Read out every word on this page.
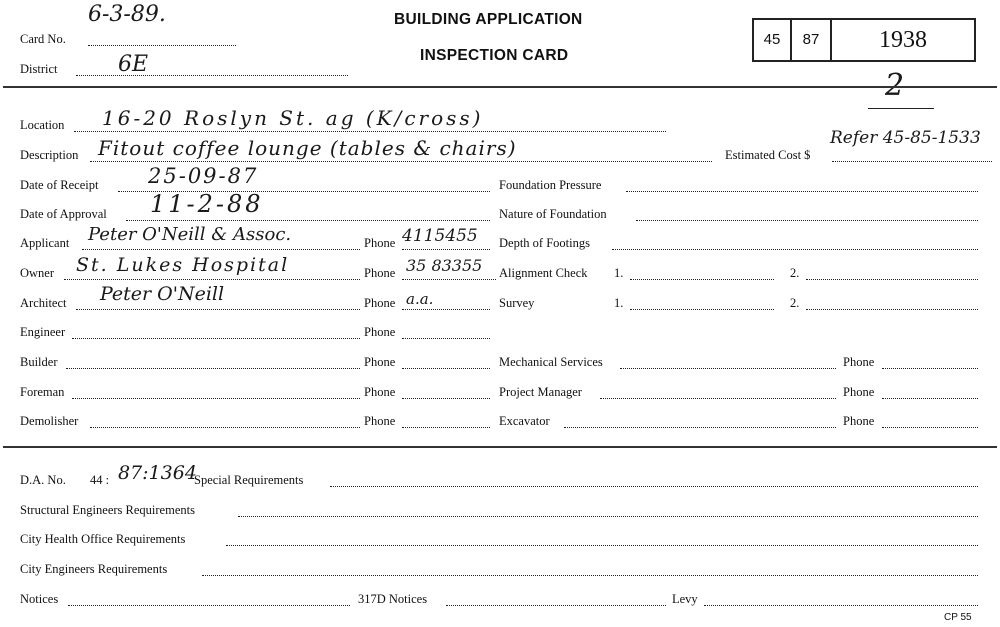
6-3-89.
Card No.
District	6E
BUILDING APPLICATION
INSPECTION CARD
45	87	1938
2
Location 16-20 Roslyn St. ag (K/cross)
Description Fitout coffee lounge (tables & chairs)	Estimated Cost $
Refer 45-85-1533
Date of Receipt 25-09-87
Date of Approval 11-2-88
Applicant Peter O'Neill & Assoc.	Phone 4115455
Owner St. Lukes Hospital	Phone 35 83355
Architect Peter O'Neill	Phone a.a.
Engineer	Phone
Builder	Phone
Foreman	Phone
Demolisher	Phone
Foundation Pressure
Nature of Foundation
Depth of Footings
Alignment Check 1.	2.
Survey	1.	2.
Mechanical Services	Phone
Project Manager	Phone
Excavator	Phone
D.A. No. 44 : 87:1364
Special Requirements
Structural Engineers Requirements
City Health Office Requirements
City Engineers Requirements
Notices	317D Notices	Levy
CP 55
